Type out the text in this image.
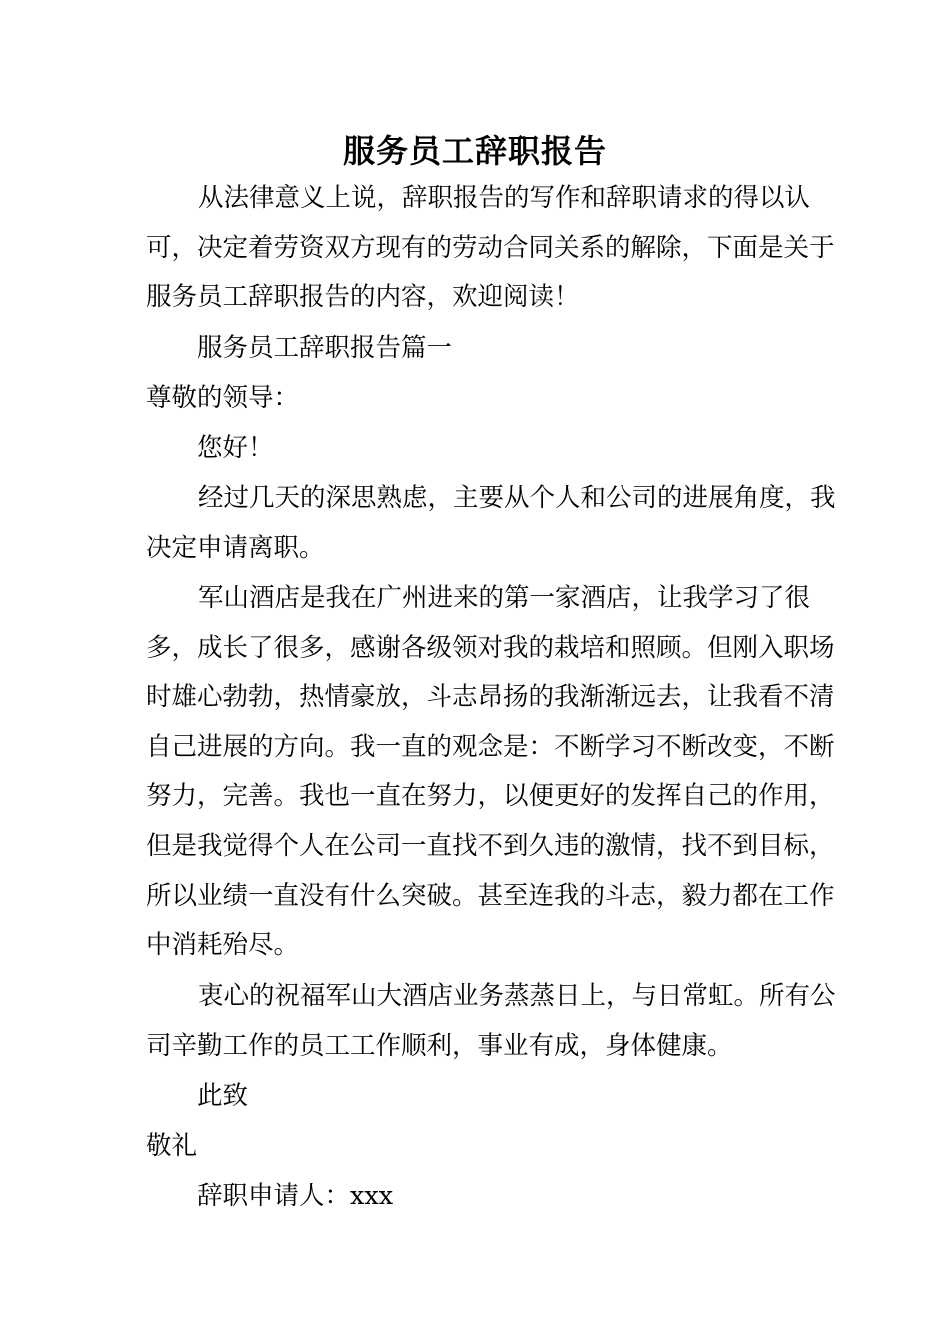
服务员工辞职报告

从法律意义上说，辞职报告的写作和辞职请求的得以认可，决定着劳资双方现有的劳动合同关系的解除，下面是关于服务员工辞职报告的内容，欢迎阅读！

服务员工辞职报告篇一

尊敬的领导：

您好！

经过几天的深思熟虑，主要从个人和公司的进展角度，我决定申请离职。

军山酒店是我在广州进来的第一家酒店，让我学习了很多，成长了很多，感谢各级领对我的栽培和照顾。但刚入职场时雄心勃勃，热情豪放，斗志昂扬的我渐渐远去，让我看不清自己进展的方向。我一直的观念是：不断学习不断改变，不断努力，完善。我也一直在努力，以便更好的发挥自己的作用，但是我觉得个人在公司一直找不到久违的激情，找不到目标，所以业绩一直没有什么突破。甚至连我的斗志，毅力都在工作中消耗殆尽。

衷心的祝福军山大酒店业务蒸蒸日上，与日常虹。所有公司辛勤工作的员工工作顺利，事业有成，身体健康。

此致

敬礼

辞职申请人：xxx
